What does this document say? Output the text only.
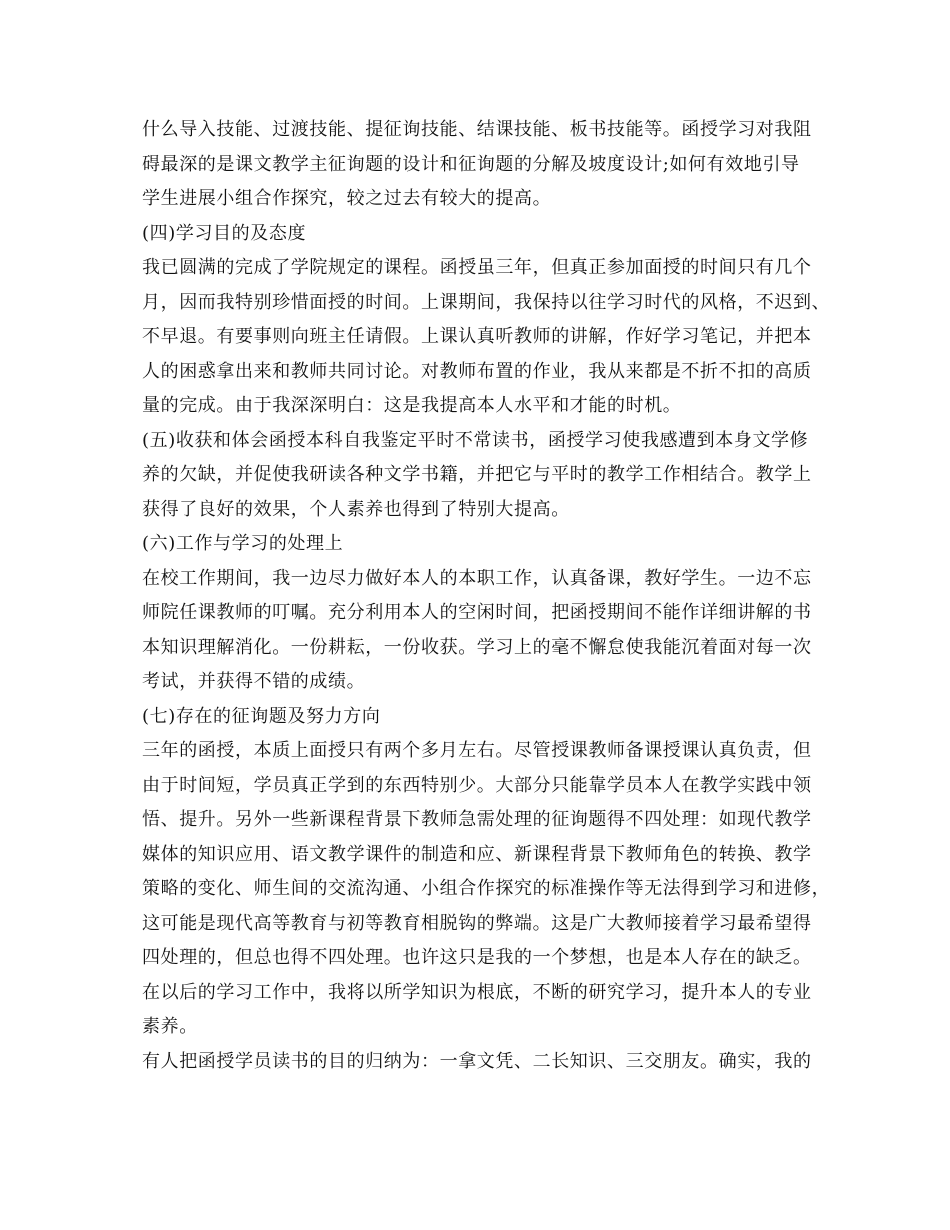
什么导入技能、过渡技能、提征询技能、结课技能、板书技能等。函授学习对我阻
碍最深的是课文教学主征询题的设计和征询题的分解及坡度设计;如何有效地引导
学生进展小组合作探究，较之过去有较大的提高。
(四)学习目的及态度
我已圆满的完成了学院规定的课程。函授虽三年，但真正参加面授的时间只有几个
月，因而我特别珍惜面授的时间。上课期间，我保持以往学习时代的风格，不迟到、
不早退。有要事则向班主任请假。上课认真听教师的讲解，作好学习笔记，并把本
人的困惑拿出来和教师共同讨论。对教师布置的作业，我从来都是不折不扣的高质
量的完成。由于我深深明白：这是我提高本人水平和才能的时机。
(五)收获和体会函授本科自我鉴定平时不常读书，函授学习使我感遭到本身文学修
养的欠缺，并促使我研读各种文学书籍，并把它与平时的教学工作相结合。教学上
获得了良好的效果，个人素养也得到了特别大提高。
(六)工作与学习的处理上
在校工作期间，我一边尽力做好本人的本职工作，认真备课，教好学生。一边不忘
师院任课教师的叮嘱。充分利用本人的空闲时间，把函授期间不能作详细讲解的书
本知识理解消化。一份耕耘，一份收获。学习上的毫不懈怠使我能沉着面对每一次
考试，并获得不错的成绩。
(七)存在的征询题及努力方向
三年的函授，本质上面授只有两个多月左右。尽管授课教师备课授课认真负责，但
由于时间短，学员真正学到的东西特别少。大部分只能靠学员本人在教学实践中领
悟、提升。另外一些新课程背景下教师急需处理的征询题得不四处理：如现代教学
媒体的知识应用、语文教学课件的制造和应、新课程背景下教师角色的转换、教学
策略的变化、师生间的交流沟通、小组合作探究的标准操作等无法得到学习和进修，
这可能是现代高等教育与初等教育相脱钩的弊端。这是广大教师接着学习最希望得
四处理的，但总也得不四处理。也许这只是我的一个梦想，也是本人存在的缺乏。
在以后的学习工作中，我将以所学知识为根底，不断的研究学习，提升本人的专业
素养。
有人把函授学员读书的目的归纳为：一拿文凭、二长知识、三交朋友。确实，我的
